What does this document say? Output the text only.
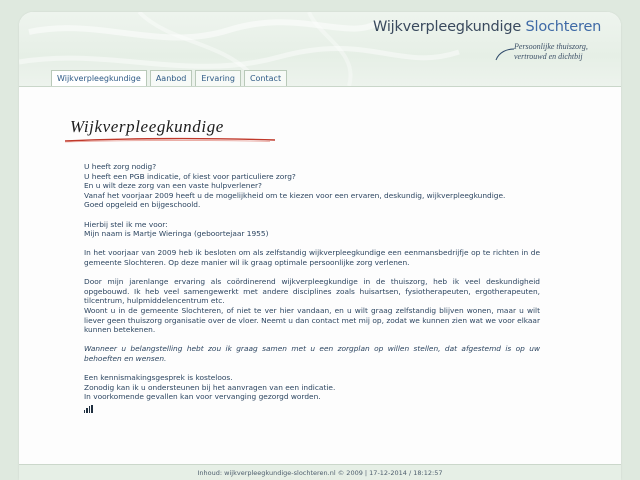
Wijkverpleegkundige Slochteren
Persoonlijke thuiszorg,
vertrouwd en dichtbij
Wijkverpleegkundige	Aanbod	Ervaring	Contact
Wijkverpleegkundige

U heeft zorg nodig?
U heeft een PGB indicatie, of kiest voor particuliere zorg?
En u wilt deze zorg van een vaste hulpverlener?
Vanaf het voorjaar 2009 heeft u de mogelijkheid om te kiezen voor een ervaren, deskundig, wijkverpleegkundige.
Goed opgeleid en bijgeschoold.

Hierbij stel ik me voor:
Mijn naam is Martje Wieringa (geboortejaar 1955)

In het voorjaar van 2009 heb ik besloten om als zelfstandig wijkverpleegkundige een eenmansbedrijfje op te richten in de gemeente Slochteren. Op deze manier wil ik graag optimale persoonlijke zorg verlenen.

Door mijn jarenlange ervaring als coördinerend wijkverpleegkundige in de thuiszorg, heb ik veel deskundigheid opgebouwd. Ik heb veel samengewerkt met andere disciplines zoals huisartsen, fysiotherapeuten, ergotherapeuten, tilcentrum, hulpmiddelencentrum etc.
Woont u in de gemeente Slochteren, of niet te ver hier vandaan, en u wilt graag zelfstandig blijven wonen, maar u wilt liever geen thuiszorg organisatie over de vloer. Neemt u dan contact met mij op, zodat we kunnen zien wat we voor elkaar kunnen betekenen.

Wanneer u belangstelling hebt zou ik graag samen met u een zorgplan op willen stellen, dat afgestemd is op uw behoeften en wensen.

Een kennismakingsgesprek is kosteloos.
Zonodig kan ik u ondersteunen bij het aanvragen van een indicatie.
In voorkomende gevallen kan voor vervanging gezorgd worden.

Inhoud: wijkverpleegkundige-slochteren.nl © 2009 | 17-12-2014 / 18:12:57
